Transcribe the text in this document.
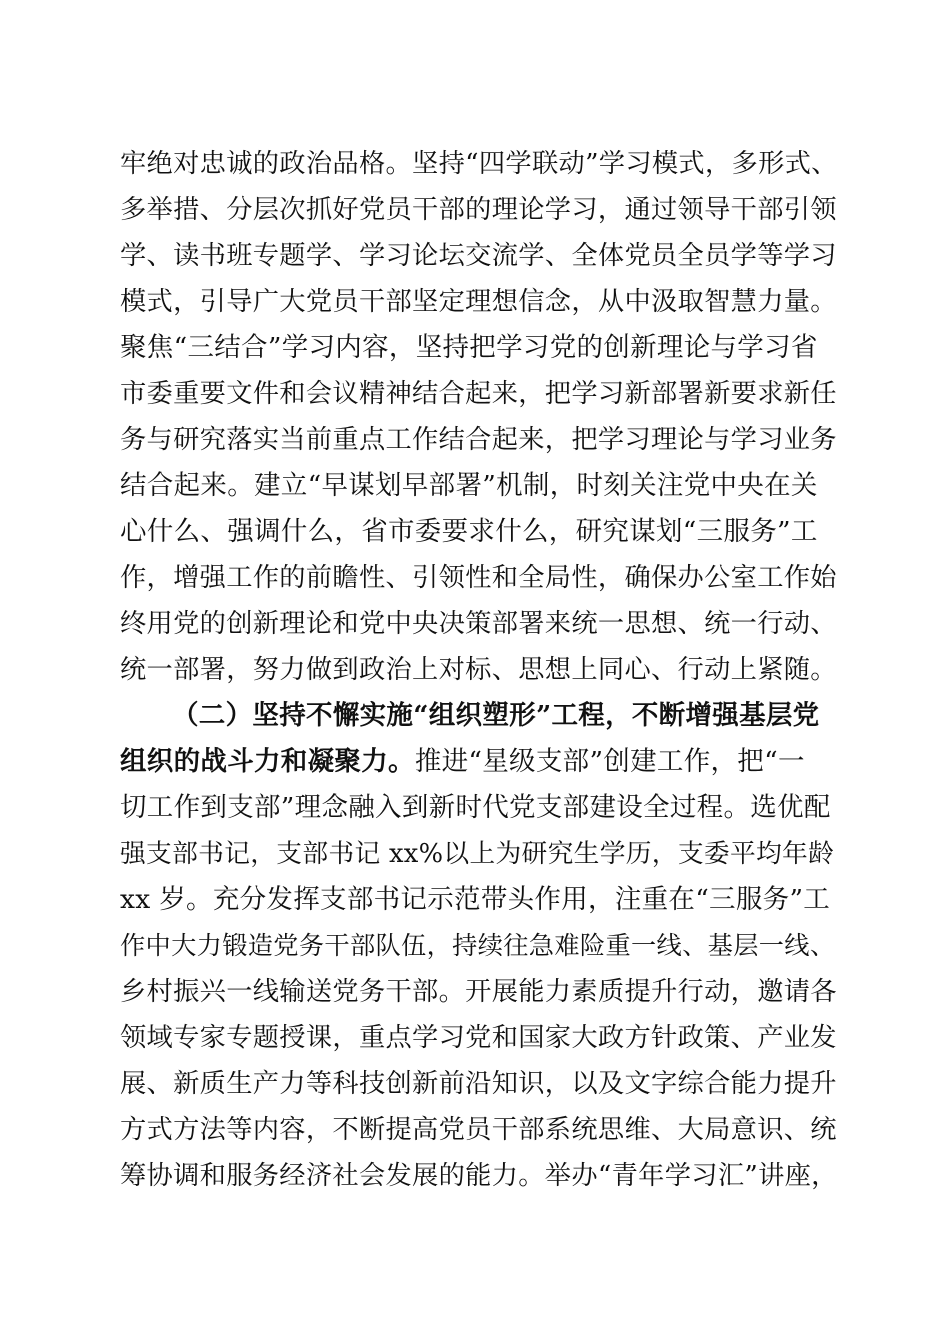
牢绝对忠诚的政治品格。坚持“四学联动”学习模式，多形式、
多举措、分层次抓好党员干部的理论学习，通过领导干部引领
学、读书班专题学、学习论坛交流学、全体党员全员学等学习
模式，引导广大党员干部坚定理想信念，从中汲取智慧力量。
聚焦“三结合”学习内容，坚持把学习党的创新理论与学习省
市委重要文件和会议精神结合起来，把学习新部署新要求新任
务与研究落实当前重点工作结合起来，把学习理论与学习业务
结合起来。建立“早谋划早部署”机制，时刻关注党中央在关
心什么、强调什么，省市委要求什么，研究谋划“三服务”工
作，增强工作的前瞻性、引领性和全局性，确保办公室工作始
终用党的创新理论和党中央决策部署来统一思想、统一行动、
统一部署，努力做到政治上对标、思想上同心、行动上紧随。
（二）坚持不懈实施“组织塑形”工程，不断增强基层党
组织的战斗力和凝聚力。推进“星级支部”创建工作，把“一
切工作到支部”理念融入到新时代党支部建设全过程。选优配
强支部书记，支部书记 xx%以上为研究生学历，支委平均年龄
xx 岁。充分发挥支部书记示范带头作用，注重在“三服务”工
作中大力锻造党务干部队伍，持续往急难险重一线、基层一线、
乡村振兴一线输送党务干部。开展能力素质提升行动，邀请各
领域专家专题授课，重点学习党和国家大政方针政策、产业发
展、新质生产力等科技创新前沿知识，以及文字综合能力提升
方式方法等内容，不断提高党员干部系统思维、大局意识、统
筹协调和服务经济社会发展的能力。举办“青年学习汇”讲座，
